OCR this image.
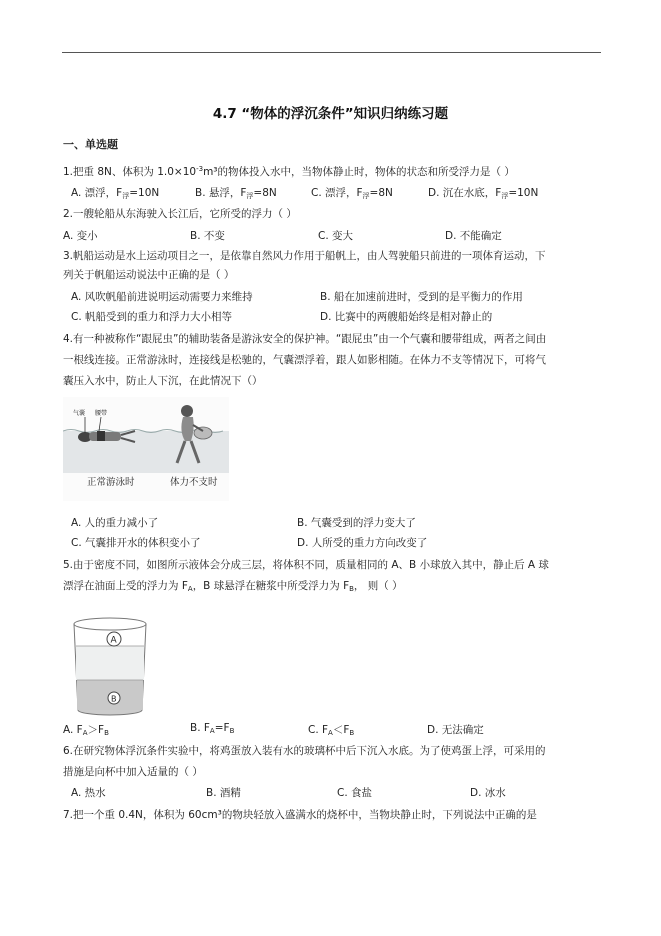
4.7 “物体的浮沉条件”知识归纳练习题
一、单选题
1.把重 8N、体积为 $1.0\times 10^{-3}m^3$的物体投入水中，当物体静止时，物体的状态和所受浮力是（ ）
A. 漂浮，$F_浮=10N$	B. 悬浮，$F_浮=8N$	C. 漂浮，$F_浮=8N$	D. 沉在水底，$F_浮=10N$
2.一艘轮船从东海驶入长江后，它所受的浮力（ ）
A. 变小	B. 不变	C. 变大	D. 不能确定
3.帆船运动是水上运动项目之一，是依靠自然风力作用于船帆上，由人驾驶船只前进的一项体育运动，下
列关于帆船运动说法中正确的是（ ）
A. 风吹帆船前进说明运动需要力来维持	B. 船在加速前进时，受到的是平衡力的作用
C. 帆船受到的重力和浮力大小相等	D. 比赛中的两艘船始终是相对静止的
4.有一种被称作“跟屁虫”的辅助装备是游泳安全的保护神。“跟屁虫”由一个气囊和腰带组成，两者之间由
一根线连接。正常游泳时，连接线是松驰的，气囊漂浮着，跟人如影相随。在体力不支等情况下，可将气
囊压入水中，防止人下沉，在此情况下（）
气囊 腰带
正常游泳时	体力不支时
A. 人的重力减小了	B. 气囊受到的浮力变大了
C. 气囊排开水的体积变小了	D. 人所受的重力方向改变了
5.由于密度不同，如图所示液体会分成三层，将体积不同，质量相同的 A、B 小球放入其中，静止后 A 球
漂浮在油面上受的浮力为 $F_A$，B 球悬浮在糖浆中所受浮力为 $F_B$， 则（ ）
A
B
A. $F_A>F_B$	B. $F_A=F_B$	C. $F_A<F_B$	D. 无法确定
6.在研究物体浮沉条件实验中，将鸡蛋放入装有水的玻璃杯中后下沉入水底。为了使鸡蛋上浮，可采用的
措施是向杯中加入适量的（ ）
A. 热水	B. 酒精	C. 食盐	D. 冰水
7.把一个重 0.4N，体积为 60cm³的物块轻放入盛满水的烧杯中，当物块静止时，下列说法中正确的是
